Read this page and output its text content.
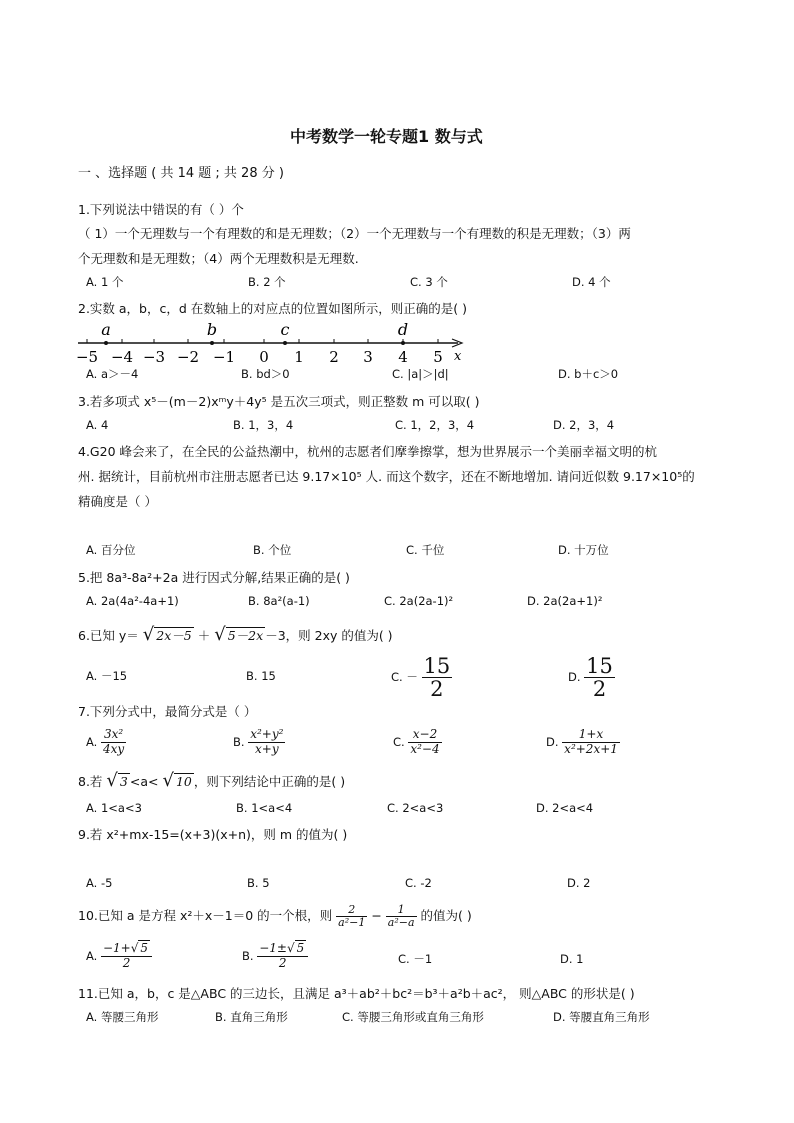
中考数学一轮专题1 数与式
一 、选择题 ( 共 14 题 ; 共 28 分 )
1.下列说法中错误的有（ ）个
（ 1）一个无理数与一个有理数的和是无理数；（2）一个无理数与一个有理数的积是无理数；（3）两
个无理数和是无理数；（4）两个无理数积是无理数.
A. 1 个	B. 2 个	C. 3 个	D. 4 个
2.实数 a，b，c，d 在数轴上的对应点的位置如图所示，则正确的是( )
−5 −4 −3 −2 −1 0 1 2 3 4 5
a	b	c	d
x
A. a＞－4	B. bd＞0	C. |a|＞|d|	D. b＋c＞0
3.若多项式 x⁵－(m－2)xᵐy＋4y⁵ 是五次三项式，则正整数 m 可以取( )
A. 4	B. 1，3，4	C. 1，2，3，4	D. 2，3，4
4.G20 峰会来了，在全民的公益热潮中，杭州的志愿者们摩拳擦掌，想为世界展示一个美丽幸福文明的杭
州. 据统计，目前杭州市注册志愿者已达 9.17×10⁵ 人. 而这个数字，还在不断地增加. 请问近似数 9.17×10⁵的
精确度是（ ）
A. 百分位	B. 个位	C. 千位	D. 十万位
5.把 8a³-8a²+2a 进行因式分解,结果正确的是( )
A. 2a(4a²-4a+1)	B. 8a²(a-1)	C. 2a(2a-1)²	D. 2a(2a+1)²
6.已知 y＝ √ 2x－5 ＋ √ 5－2x －3，则 2xy 的值为( )
A. －15	B. 15	C. － $\frac{15}{2}$	D. $\frac{15}{2}$
7.下列分式中，最简分式是（ ）
A. $\frac{\text{3x²}}{4xy}$	B. $\frac{\text{x²+y²}}{x+y}$	C. $\frac{x-2}{\text{x²−4}}$	D. $\frac{1+x}{\text{x²+2x+1}}$
8.若 √ 3 <a< √ 10 ，则下列结论中正确的是( )
A. 1<a<3	B. 1<a<4	C. 2<a<3	D. 2<a<4
9.若 x²+mx-15=(x+3)(x+n)，则 m 的值为( )
A. -5	B. 5	C. -2	D. 2
10.已知 a 是方程 x²＋x－1＝0 的一个根，则 $\frac{2}{\text{a²−1}} - \frac{1}{\text{a²−a}}$ 的值为( )
A. $\frac{-1+√ 5}{2}$	B. $\frac{-1\pm√ 5}{2}$	C. －1	D. 1
11.已知 a，b，c 是△ABC 的三边长，且满足 a³＋ab²＋bc²＝b³＋a²b＋ac²， 则△ABC 的形状是( )
A. 等腰三角形	B. 直角三角形	C. 等腰三角形或直角三角形	D. 等腰直角三角形
